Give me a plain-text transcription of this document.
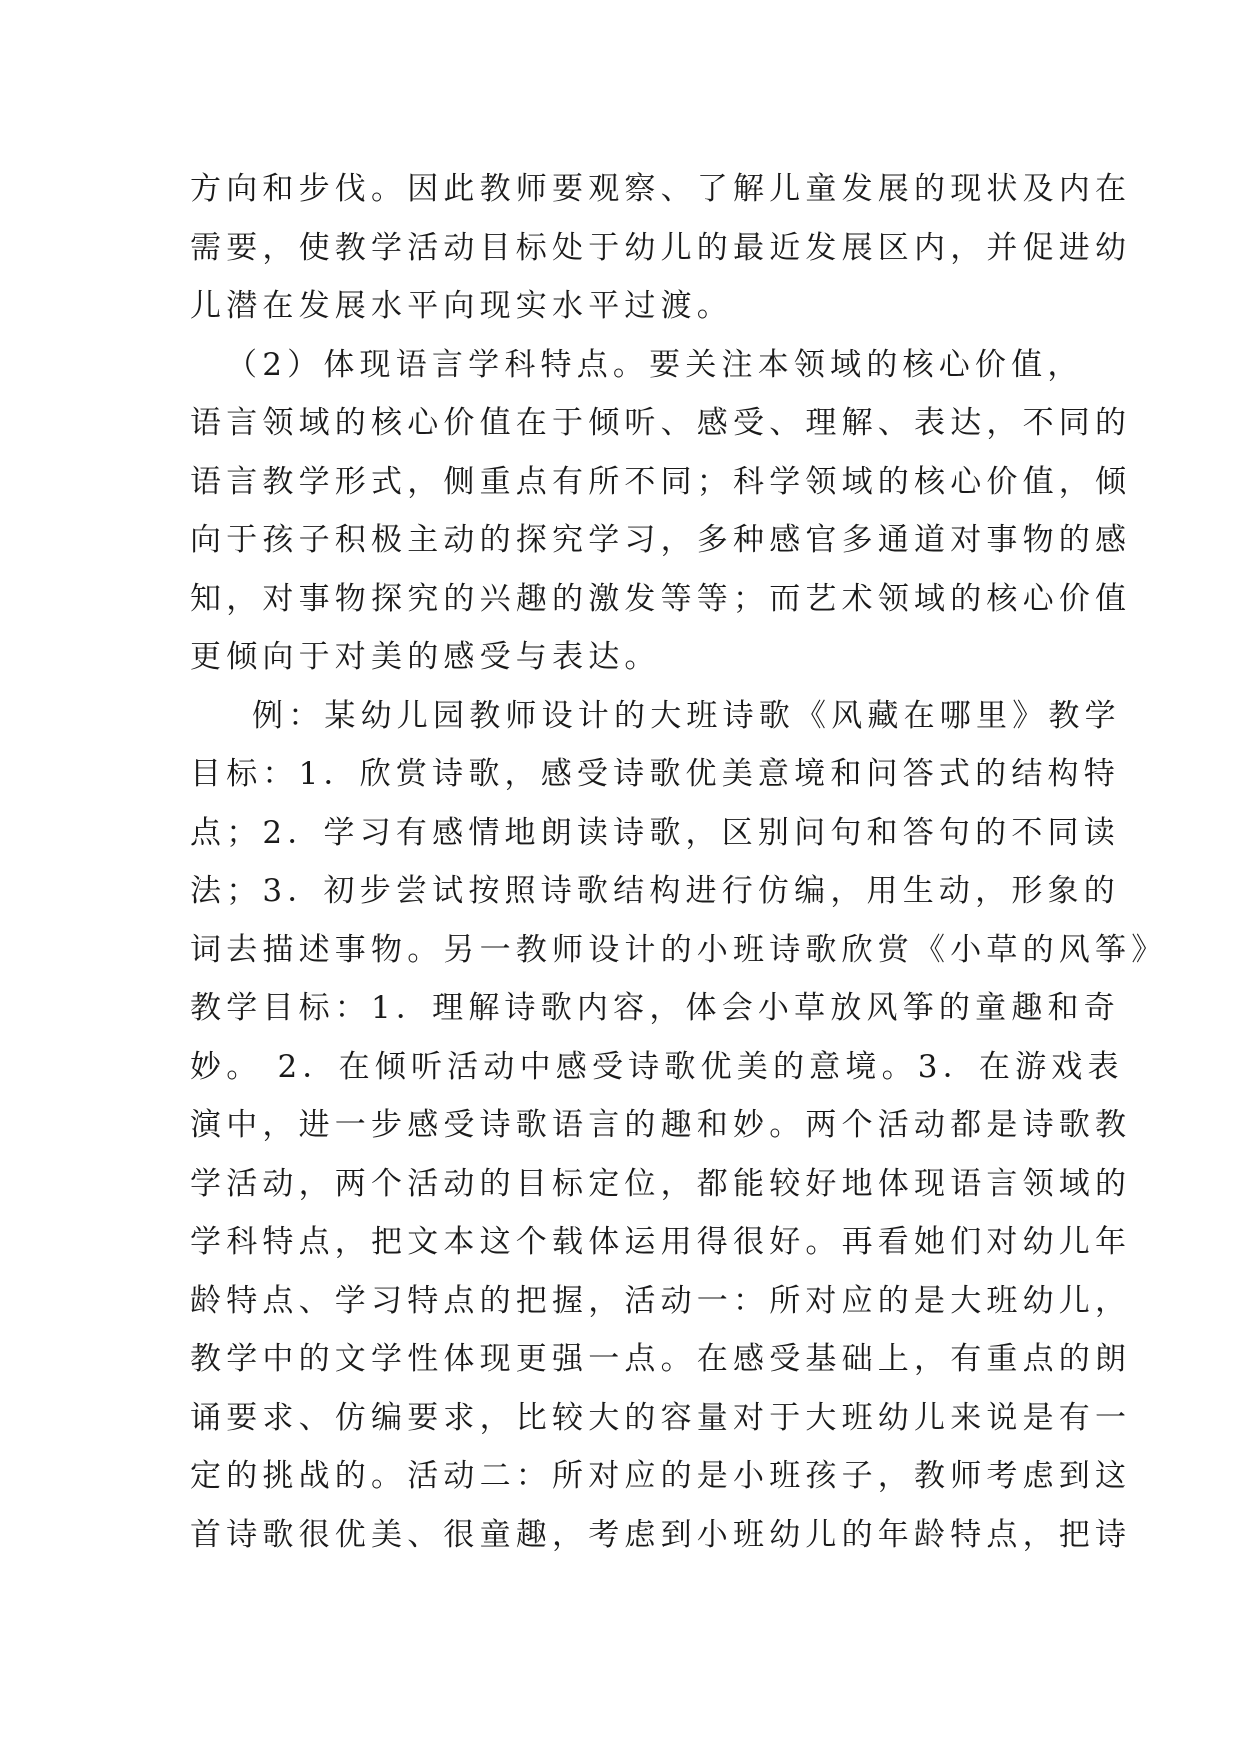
方向和步伐。因此教师要观察、了解儿童发展的现状及内在
需要，使教学活动目标处于幼儿的最近发展区内，并促进幼
儿潜在发展水平向现实水平过渡。
（2）体现语言学科特点。要关注本领域的核心价值，
语言领域的核心价值在于倾听、感受、理解、表达，不同的
语言教学形式，侧重点有所不同；科学领域的核心价值，倾
向于孩子积极主动的探究学习，多种感官多通道对事物的感
知，对事物探究的兴趣的激发等等；而艺术领域的核心价值
更倾向于对美的感受与表达。
例：某幼儿园教师设计的大班诗歌《风藏在哪里》教学
目标：1．欣赏诗歌，感受诗歌优美意境和问答式的结构特
点；2．学习有感情地朗读诗歌，区别问句和答句的不同读
法；3．初步尝试按照诗歌结构进行仿编，用生动，形象的
词去描述事物。另一教师设计的小班诗歌欣赏《小草的风筝》
教学目标：1．理解诗歌内容，体会小草放风筝的童趣和奇
妙。 2．在倾听活动中感受诗歌优美的意境。3．在游戏表
演中，进一步感受诗歌语言的趣和妙。两个活动都是诗歌教
学活动，两个活动的目标定位，都能较好地体现语言领域的
学科特点，把文本这个载体运用得很好。再看她们对幼儿年
龄特点、学习特点的把握，活动一：所对应的是大班幼儿，
教学中的文学性体现更强一点。在感受基础上，有重点的朗
诵要求、仿编要求，比较大的容量对于大班幼儿来说是有一
定的挑战的。活动二：所对应的是小班孩子，教师考虑到这
首诗歌很优美、很童趣，考虑到小班幼儿的年龄特点，把诗
